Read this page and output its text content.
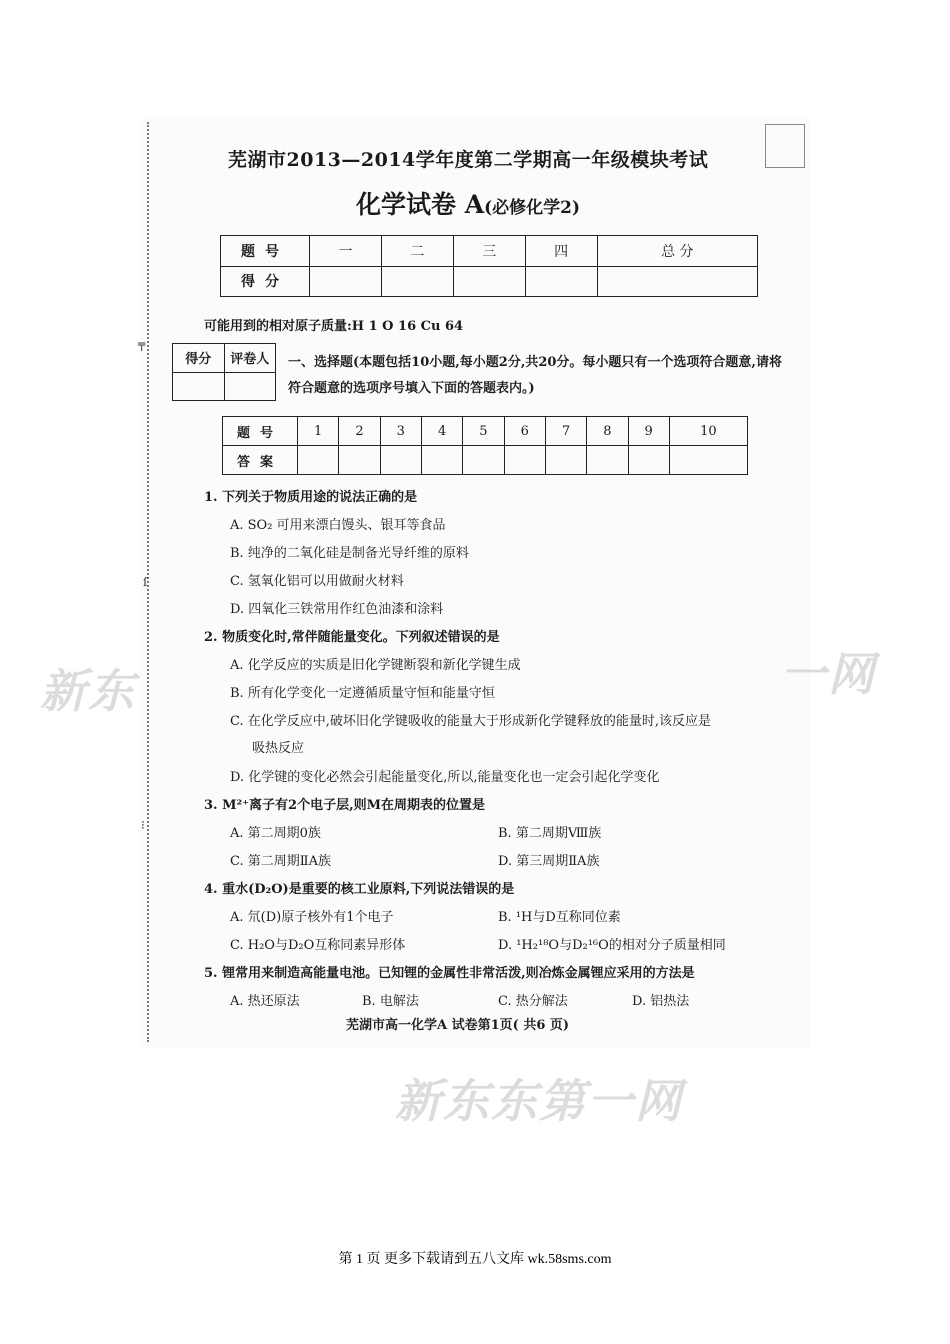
╤
ſ
⁝
新东	一网
新东东第一网
芜湖市2013—2014学年度第二学期高一年级模块考试
化学试卷 A(必修化学2)
题号	一	二	三	四	总 分
得分					
可能用到的相对原子质量:H 1 O 16 Cu 64
得分	评卷人
	一、选择题(本题包括10小题,每小题2分,共20分。每小题只有一个选项符合题意,请将符合题意的选项序号填入下面的答题表内。)
题号	1	2	3	4	5	6	7	8	9	10
答案										
1. 下列关于物质用途的说法正确的是
A. SO₂ 可用来漂白馒头、银耳等食品
B. 纯净的二氧化硅是制备光导纤维的原料
C. 氢氧化铝可以用做耐火材料
D. 四氧化三铁常用作红色油漆和涂料
2. 物质变化时,常伴随能量变化。下列叙述错误的是
A. 化学反应的实质是旧化学键断裂和新化学键生成
B. 所有化学变化一定遵循质量守恒和能量守恒
C. 在化学反应中,破坏旧化学键吸收的能量大于形成新化学键释放的能量时,该反应是
吸热反应
D. 化学键的变化必然会引起能量变化,所以,能量变化也一定会引起化学变化
3. M²⁺离子有2个电子层,则M在周期表的位置是
A. 第二周期0族	B. 第二周期Ⅷ族
C. 第二周期ⅡA族	D. 第三周期ⅡA族
4. 重水(D₂O)是重要的核工业原料,下列说法错误的是
A. 氘(D)原子核外有1个电子	B. ¹H与D互称同位素
C. H₂O与D₂O互称同素异形体	D. ¹H₂¹⁸O与D₂¹⁶O的相对分子质量相同
5. 锂常用来制造高能量电池。已知锂的金属性非常活泼,则冶炼金属锂应采用的方法是
A. 热还原法	B. 电解法	C. 热分解法	D. 铝热法
芜湖市高一化学A 试卷第1页( 共6 页)
第 1 页 更多下载请到五八文库 wk.58sms.com
